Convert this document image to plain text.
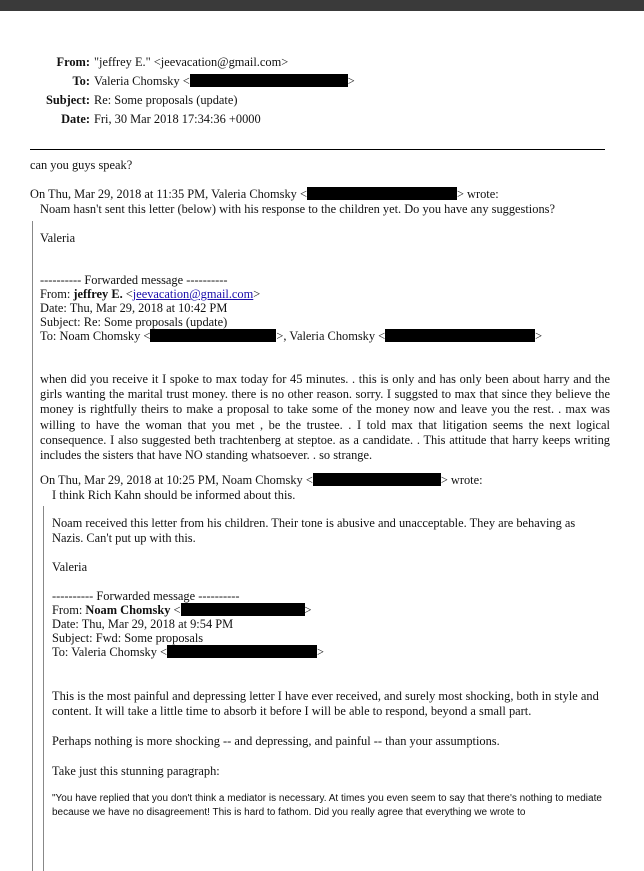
From: "jeffrey E." <jeevacation@gmail.com>
To: Valeria Chomsky <	>
Subject: Re: Some proposals (update)
Date: Fri, 30 Mar 2018 17:34:36 +0000
can you guys speak?
On Thu, Mar 29, 2018 at 11:35 PM, Valeria Chomsky <	> wrote:
Noam hasn't sent this letter (below) with his response to the children yet. Do you have any suggestions?
Valeria
---------- Forwarded message ----------
From: jeffrey E. <jeevacation@gmail.com>
Date: Thu, Mar 29, 2018 at 10:42 PM
Subject: Re: Some proposals (update)
To: Noam Chomsky <	>, Valeria Chomsky <	>
when did you receive it I spoke to max today for 45 minutes. . this is only and has only been about harry and the girls wanting the marital trust money. there is no other reason. sorry. I suggsted to max that since they believe the money is rightfully theirs to make a proposal to take some of the money now and leave you the rest. . max was willing to have the woman that you met , be the trustee. . I told max that litigation seems the next logical consequence. I also suggested beth trachtenberg at steptoe. as a candidate. . This attitude that harry keeps writing includes the sisters that have NO standing whatsoever. . so strange.
On Thu, Mar 29, 2018 at 10:25 PM, Noam Chomsky <	> wrote:
I think Rich Kahn should be informed about this.
Noam received this letter from his children. Their tone is abusive and unacceptable. They are behaving as Nazis. Can't put up with this.
Valeria
---------- Forwarded message ----------
From: Noam Chomsky <	>
Date: Thu, Mar 29, 2018 at 9:54 PM
Subject: Fwd: Some proposals
To: Valeria Chomsky <	>
This is the most painful and depressing letter I have ever received, and surely most shocking, both in style and content. It will take a little time to absorb it before I will be able to respond, beyond a small part.
Perhaps nothing is more shocking -- and depressing, and painful -- than your assumptions.
Take just this stunning paragraph:
"You have replied that you don't think a mediator is necessary. At times you even seem to say that there's nothing to mediate because we have no disagreement! This is hard to fathom. Did you really agree that everything we wrote to
